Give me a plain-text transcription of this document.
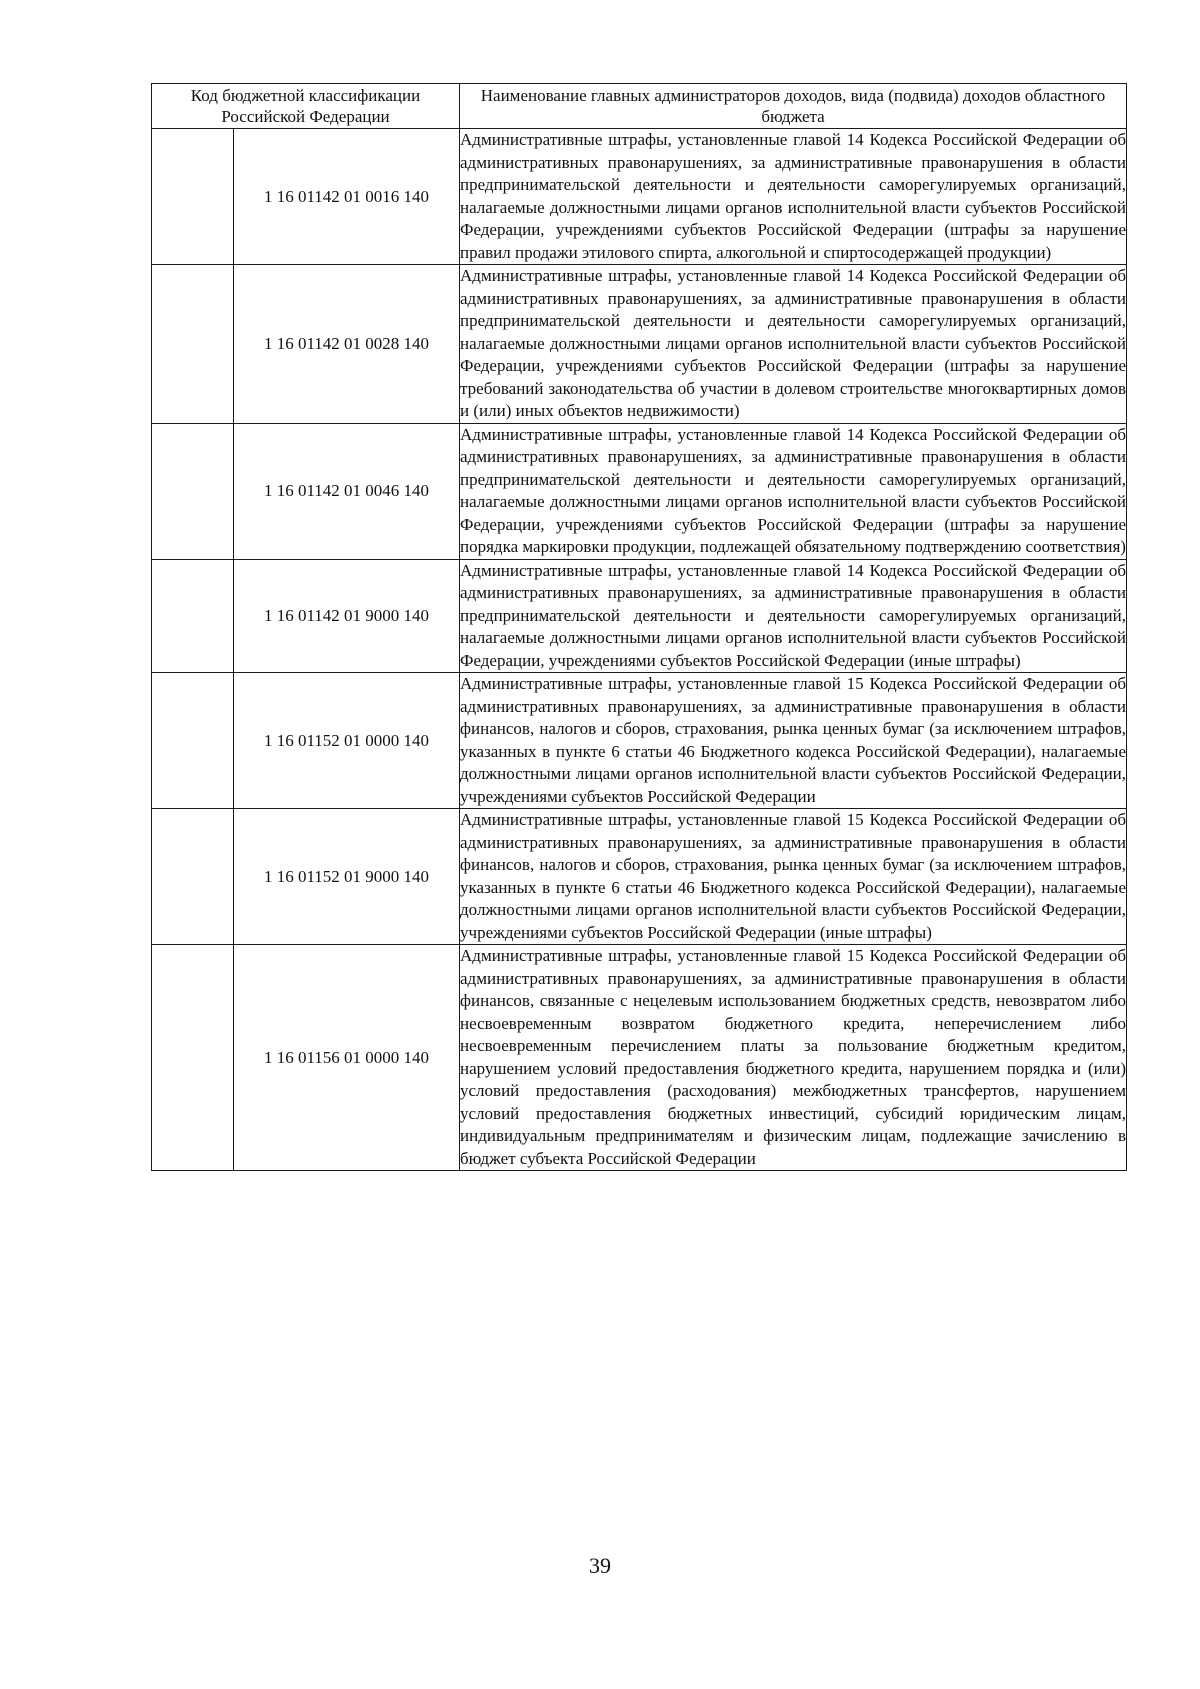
Код бюджетной классификации Российской Федерации		Наименование главных администраторов доходов, вида (подвида) доходов областного бюджета
	1 16 01142 01 0016 140	Административные штрафы, установленные главой 14 Кодекса Российской Федерации об административных правонарушениях, за административные правонарушения в области предпринимательской деятельности и деятельности саморегулируемых организаций, налагаемые должностными лицами органов исполнительной власти субъектов Российской Федерации, учреждениями субъектов Российской Федерации (штрафы за нарушение правил продажи этилового спирта, алкогольной и спиртосодержащей продукции)
	1 16 01142 01 0028 140	Административные штрафы, установленные главой 14 Кодекса Российской Федерации об административных правонарушениях, за административные правонарушения в области предпринимательской деятельности и деятельности саморегулируемых организаций, налагаемые должностными лицами органов исполнительной власти субъектов Российской Федерации, учреждениями субъектов Российской Федерации (штрафы за нарушение требований законодательства об участии в долевом строительстве многоквартирных домов и (или) иных объектов недвижимости)
	1 16 01142 01 0046 140	Административные штрафы, установленные главой 14 Кодекса Российской Федерации об административных правонарушениях, за административные правонарушения в области предпринимательской деятельности и деятельности саморегулируемых организаций, налагаемые должностными лицами органов исполнительной власти субъектов Российской Федерации, учреждениями субъектов Российской Федерации (штрафы за нарушение порядка маркировки продукции, подлежащей обязательному подтверждению соответствия)
	1 16 01142 01 9000 140	Административные штрафы, установленные главой 14 Кодекса Российской Федерации об административных правонарушениях, за административные правонарушения в области предпринимательской деятельности и деятельности саморегулируемых организаций, налагаемые должностными лицами органов исполнительной власти субъектов Российской Федерации, учреждениями субъектов Российской Федерации (иные штрафы)
	1 16 01152 01 0000 140	Административные штрафы, установленные главой 15 Кодекса Российской Федерации об административных правонарушениях, за административные правонарушения в области финансов, налогов и сборов, страхования, рынка ценных бумаг (за исключением штрафов, указанных в пункте 6 статьи 46 Бюджетного кодекса Российской Федерации), налагаемые должностными лицами органов исполнительной власти субъектов Российской Федерации, учреждениями субъектов Российской Федерации
	1 16 01152 01 9000 140	Административные штрафы, установленные главой 15 Кодекса Российской Федерации об административных правонарушениях, за административные правонарушения в области финансов, налогов и сборов, страхования, рынка ценных бумаг (за исключением штрафов, указанных в пункте 6 статьи 46 Бюджетного кодекса Российской Федерации), налагаемые должностными лицами органов исполнительной власти субъектов Российской Федерации, учреждениями субъектов Российской Федерации (иные штрафы)
	1 16 01156 01 0000 140	Административные штрафы, установленные главой 15 Кодекса Российской Федерации об административных правонарушениях, за административные правонарушения в области финансов, связанные с нецелевым использованием бюджетных средств, невозвратом либо несвоевременным возвратом бюджетного кредита, неперечислением либо несвоевременным перечислением платы за пользование бюджетным кредитом, нарушением условий предоставления бюджетного кредита, нарушением порядка и (или) условий предоставления (расходования) межбюджетных трансфертов, нарушением условий предоставления бюджетных инвестиций, субсидий юридическим лицам, индивидуальным предпринимателям и физическим лицам, подлежащие зачислению в бюджет субъекта Российской Федерации
39
